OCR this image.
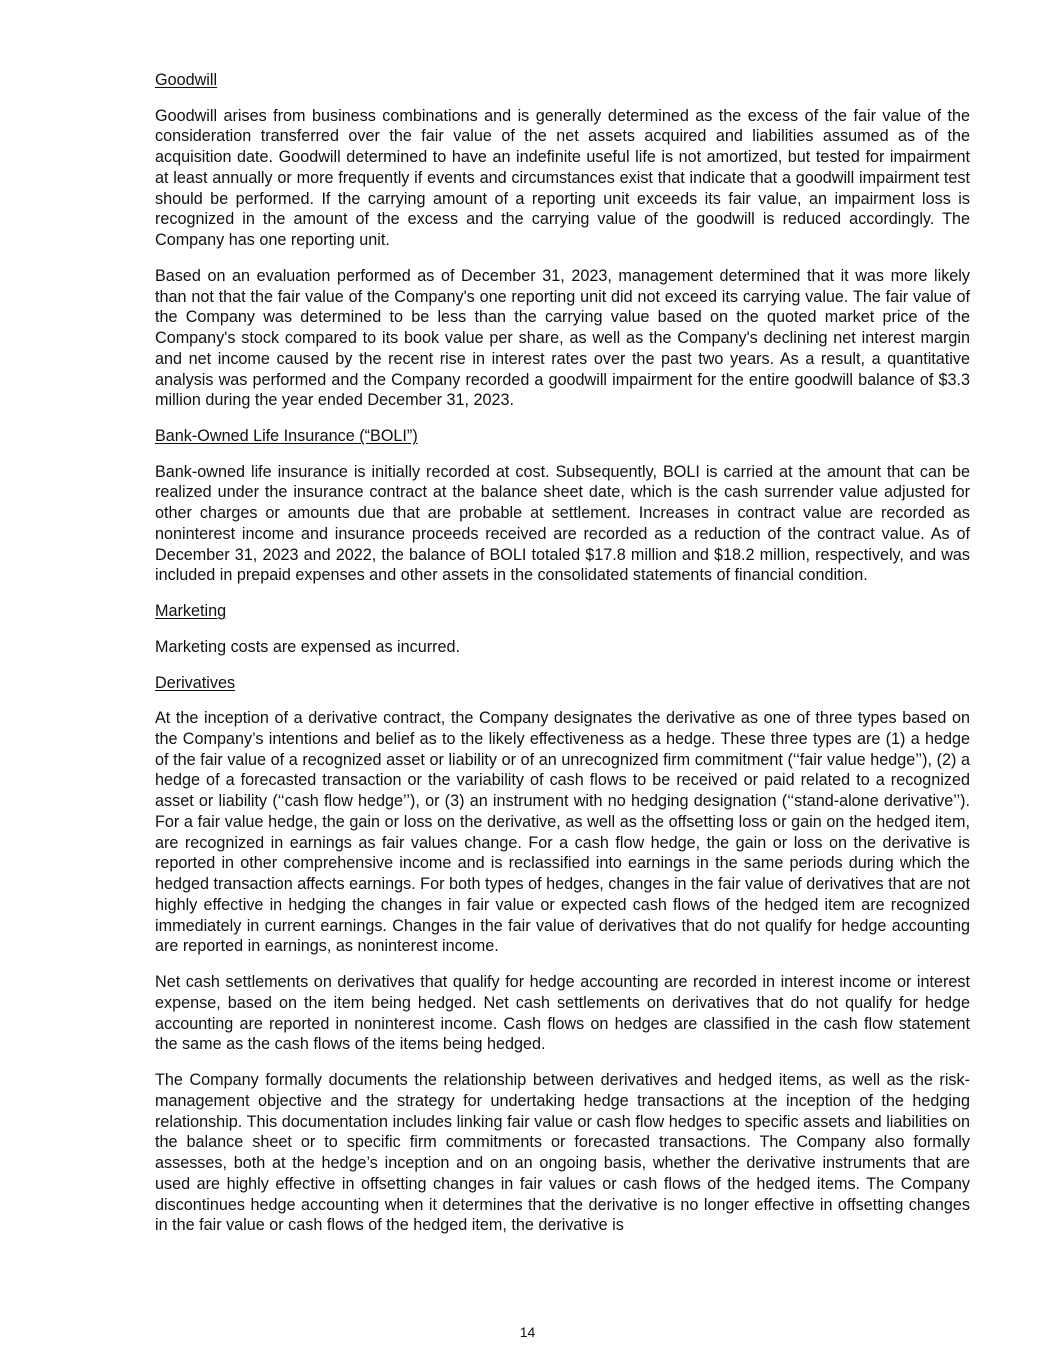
Goodwill

Goodwill arises from business combinations and is generally determined as the excess of the fair value of the consideration transferred over the fair value of the net assets acquired and liabilities assumed as of the acquisition date. Goodwill determined to have an indefinite useful life is not amortized, but tested for impairment at least annually or more frequently if events and circumstances exist that indicate that a goodwill impairment test should be performed. If the carrying amount of a reporting unit exceeds its fair value, an impairment loss is recognized in the amount of the excess and the carrying value of the goodwill is reduced accordingly. The Company has one reporting unit.

Based on an evaluation performed as of December 31, 2023, management determined that it was more likely than not that the fair value of the Company's one reporting unit did not exceed its carrying value. The fair value of the Company was determined to be less than the carrying value based on the quoted market price of the Company's stock compared to its book value per share, as well as the Company's declining net interest margin and net income caused by the recent rise in interest rates over the past two years. As a result, a quantitative analysis was performed and the Company recorded a goodwill impairment for the entire goodwill balance of $3.3 million during the year ended December 31, 2023.

Bank-Owned Life Insurance (“BOLI”)

Bank-owned life insurance is initially recorded at cost. Subsequently, BOLI is carried at the amount that can be realized under the insurance contract at the balance sheet date, which is the cash surrender value adjusted for other charges or amounts due that are probable at settlement. Increases in contract value are recorded as noninterest income and insurance proceeds received are recorded as a reduction of the contract value. As of December 31, 2023 and 2022, the balance of BOLI totaled $17.8 million and $18.2 million, respectively, and was included in prepaid expenses and other assets in the consolidated statements of financial condition.

Marketing

Marketing costs are expensed as incurred.

Derivatives

At the inception of a derivative contract, the Company designates the derivative as one of three types based on the Company’s intentions and belief as to the likely effectiveness as a hedge. These three types are (1) a hedge of the fair value of a recognized asset or liability or of an unrecognized firm commitment (‘‘fair value hedge’’), (2) a hedge of a forecasted transaction or the variability of cash flows to be received or paid related to a recognized asset or liability (‘‘cash flow hedge’’), or (3) an instrument with no hedging designation (‘‘stand-alone derivative’’). For a fair value hedge, the gain or loss on the derivative, as well as the offsetting loss or gain on the hedged item, are recognized in earnings as fair values change. For a cash flow hedge, the gain or loss on the derivative is reported in other comprehensive income and is reclassified into earnings in the same periods during which the hedged transaction affects earnings. For both types of hedges, changes in the fair value of derivatives that are not highly effective in hedging the changes in fair value or expected cash flows of the hedged item are recognized immediately in current earnings. Changes in the fair value of derivatives that do not qualify for hedge accounting are reported in earnings, as noninterest income.

Net cash settlements on derivatives that qualify for hedge accounting are recorded in interest income or interest expense, based on the item being hedged. Net cash settlements on derivatives that do not qualify for hedge accounting are reported in noninterest income. Cash flows on hedges are classified in the cash flow statement the same as the cash flows of the items being hedged.

The Company formally documents the relationship between derivatives and hedged items, as well as the risk-management objective and the strategy for undertaking hedge transactions at the inception of the hedging relationship. This documentation includes linking fair value or cash flow hedges to specific assets and liabilities on the balance sheet or to specific firm commitments or forecasted transactions. The Company also formally assesses, both at the hedge’s inception and on an ongoing basis, whether the derivative instruments that are used are highly effective in offsetting changes in fair values or cash flows of the hedged items. The Company discontinues hedge accounting when it determines that the derivative is no longer effective in offsetting changes in the fair value or cash flows of the hedged item, the derivative is

14
